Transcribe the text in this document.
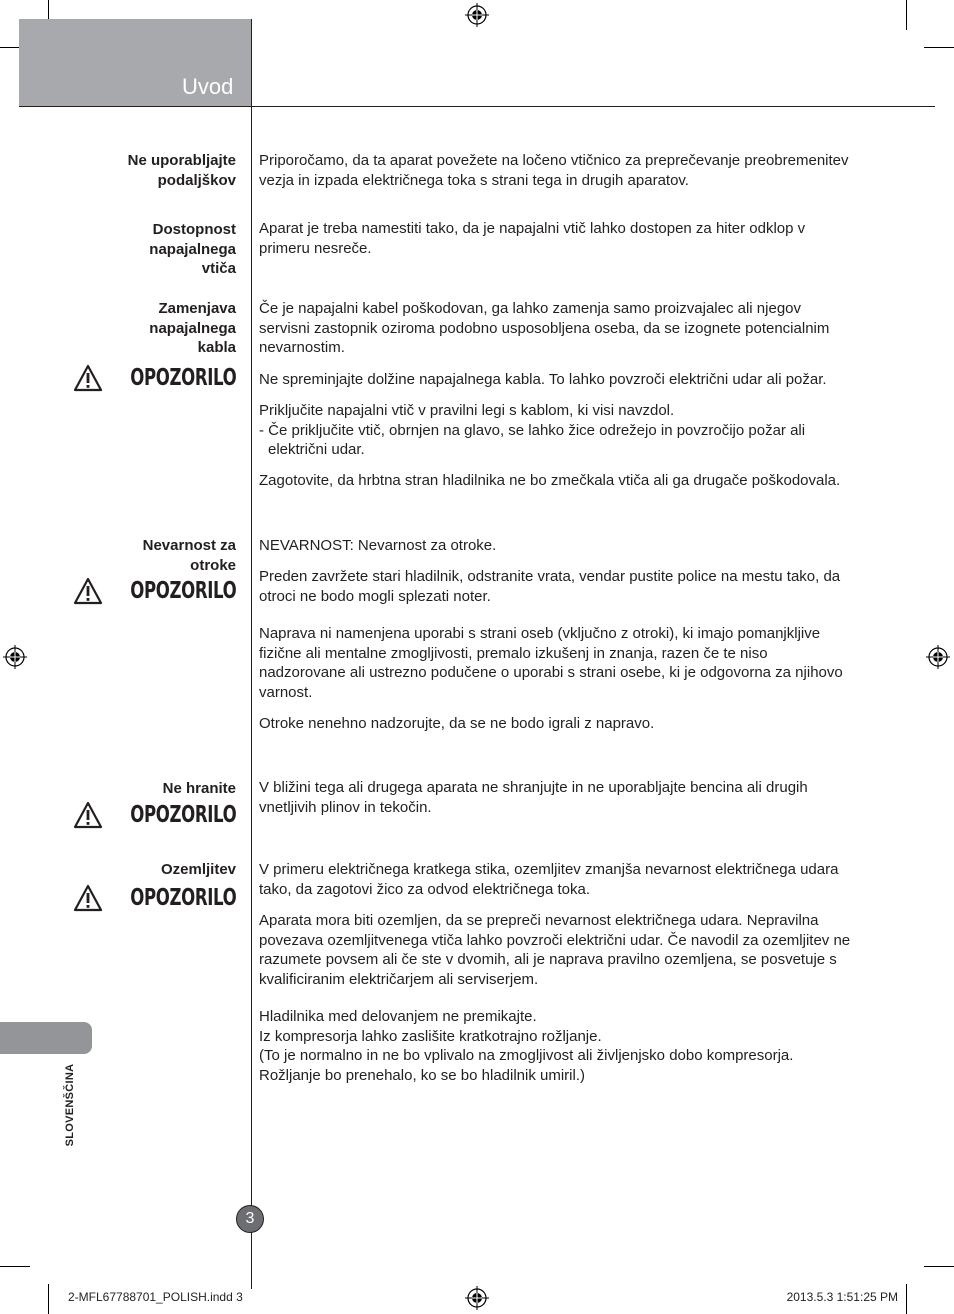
Uvod
Ne uporabljajte
podaljškov
Priporočamo, da ta aparat povežete na ločeno vtičnico za preprečevanje preobremenitev
vezja in izpada električnega toka s strani tega in drugih aparatov.
Dostopnost
napajalnega
vtiča
Aparat je treba namestiti tako, da je napajalni vtič lahko dostopen za hiter odklop v
primeru nesreče.
Zamenjava
napajalnega
kabla
OPOZORILO
Če je napajalni kabel poškodovan, ga lahko zamenja samo proizvajalec ali njegov
servisni zastopnik oziroma podobno usposobljena oseba, da se izognete potencialnim
nevarnostim.
Ne spreminjajte dolžine napajalnega kabla. To lahko povzroči električni udar ali požar.
Priključite napajalni vtič v pravilni legi s kablom, ki visi navzdol.
- Če priključite vtič, obrnjen na glavo, se lahko žice odrežejo in povzročijo požar ali
električni udar.
Zagotovite, da hrbtna stran hladilnika ne bo zmečkala vtiča ali ga drugače poškodovala.
Nevarnost za
otroke
OPOZORILO
NEVARNOST: Nevarnost za otroke.
Preden zavržete stari hladilnik, odstranite vrata, vendar pustite police na mestu tako, da
otroci ne bodo mogli splezati noter.
Naprava ni namenjena uporabi s strani oseb (vključno z otroki), ki imajo pomanjkljive
fizične ali mentalne zmogljivosti, premalo izkušenj in znanja, razen če te niso
nadzorovane ali ustrezno podučene o uporabi s strani osebe, ki je odgovorna za njihovo
varnost.
Otroke nenehno nadzorujte, da se ne bodo igrali z napravo.
Ne hranite
OPOZORILO
V bližini tega ali drugega aparata ne shranjujte in ne uporabljajte bencina ali drugih
vnetljivih plinov in tekočin.
Ozemljitev
OPOZORILO
V primeru električnega kratkega stika, ozemljitev zmanjša nevarnost električnega udara
tako, da zagotovi žico za odvod električnega toka.
Aparata mora biti ozemljen, da se prepreči nevarnost električnega udara. Nepravilna
povezava ozemljitvenega vtiča lahko povzroči električni udar. Če navodil za ozemljitev ne
razumete povsem ali če ste v dvomih, ali je naprava pravilno ozemljena, se posvetuje s
kvalificiranim električarjem ali serviserjem.
Hladilnika med delovanjem ne premikajte.
Iz kompresorja lahko zaslišite kratkotrajno rožljanje.
(To je normalno in ne bo vplivalo na zmogljivost ali življenjsko dobo kompresorja.
Rožljanje bo prenehalo, ko se bo hladilnik umiril.)
SLOVENŠČINA
3
2-MFL67788701_POLISH.indd 3	2013.5.3 1:51:25 PM
